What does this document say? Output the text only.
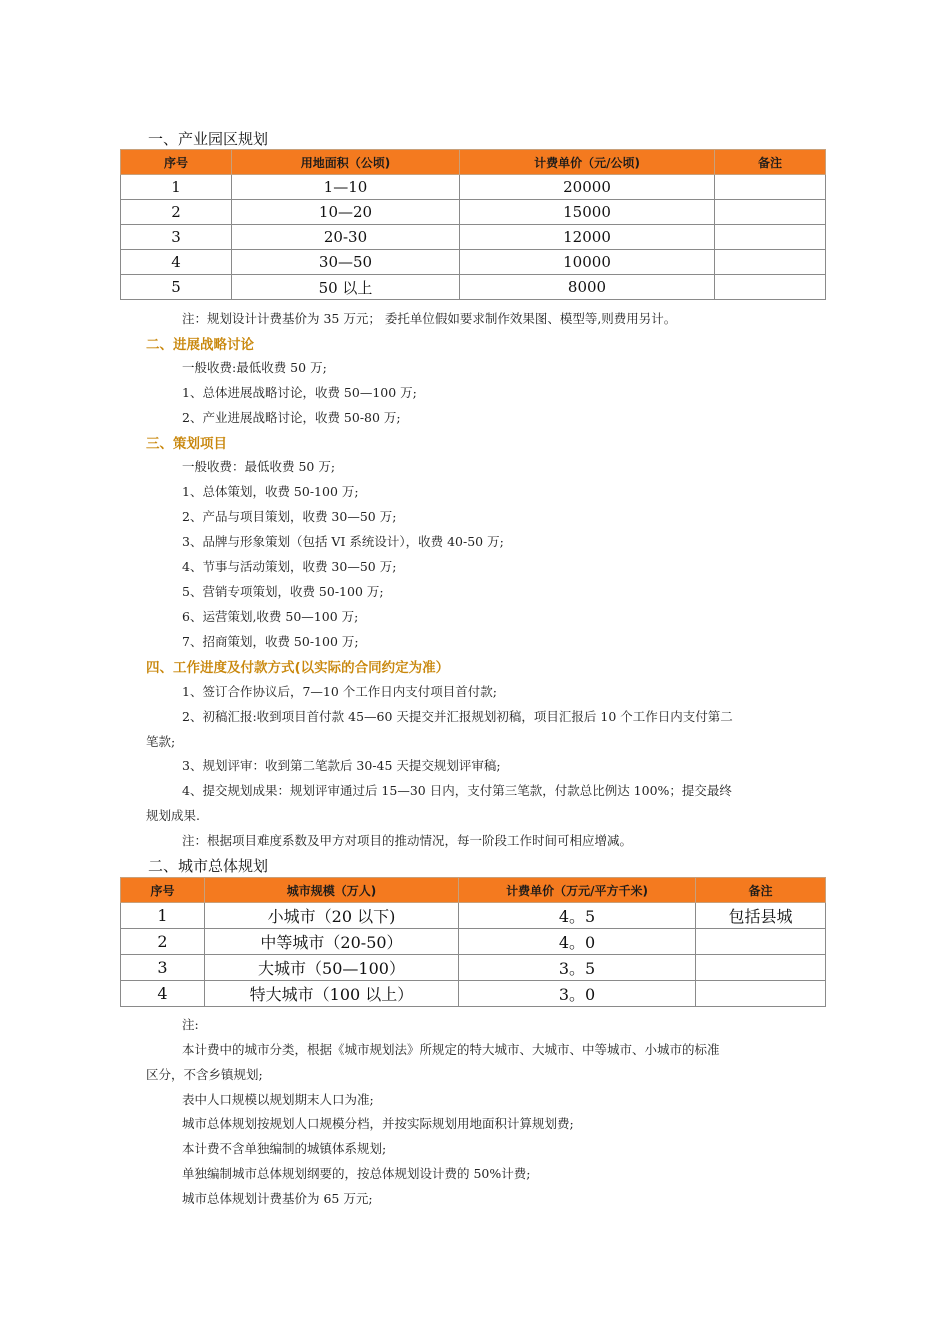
一、产业园区规划
序号	用地面积（公顷)	计费单价（元/公顷)	备注
1	1—10	20000	
2	10—20	15000	
3	20-30	12000	
4	30—50	10000	
5	50 以上	8000	
注：规划设计计费基价为 35 万元； 委托单位假如要求制作效果图、模型等,则费用另计。
二、进展战略讨论
一般收费:最低收费 50 万;
1、总体进展战略讨论，收费 50—100 万;
2、产业进展战略讨论，收费 50-80 万;
三、策划项目
一般收费：最低收费 50 万;
1、总体策划，收费 50-100 万;
2、产品与项目策划，收费 30—50 万;
3、品牌与形象策划（包括 VI 系统设计），收费 40-50 万;
4、节事与活动策划，收费 30—50 万;
5、营销专项策划，收费 50-100 万;
6、运营策划,收费 50—100 万;
7、招商策划，收费 50-100 万;
四、工作进度及付款方式(以实际的合同约定为准）
1、签订合作协议后，7—10 个工作日内支付项目首付款;
2、初稿汇报:收到项目首付款 45—60 天提交并汇报规划初稿，项目汇报后 10 个工作日内支付第二
笔款;
3、规划评审：收到第二笔款后 30-45 天提交规划评审稿;
4、提交规划成果：规划评审通过后 15—30 日内，支付第三笔款，付款总比例达 100%；提交最终
规划成果.
注：根据项目难度系数及甲方对项目的推动情况，每一阶段工作时间可相应增减。
二、城市总体规划
序号	城市规模（万人)	计费单价（万元/平方千米)	备注
1	小城市（20 以下)	4。5	包括县城
2	中等城市（20-50）	4。0	
3	大城市（50—100）	3。5	
4	特大城市（100 以上）	3。0	
注:
本计费中的城市分类，根据《城市规划法》所规定的特大城市、大城市、中等城市、小城市的标准
区分，不含乡镇规划;
表中人口规模以规划期末人口为准;
城市总体规划按规划人口规模分档，并按实际规划用地面积计算规划费;
本计费不含单独编制的城镇体系规划;
单独编制城市总体规划纲要的，按总体规划设计费的 50%计费;
城市总体规划计费基价为 65 万元;
